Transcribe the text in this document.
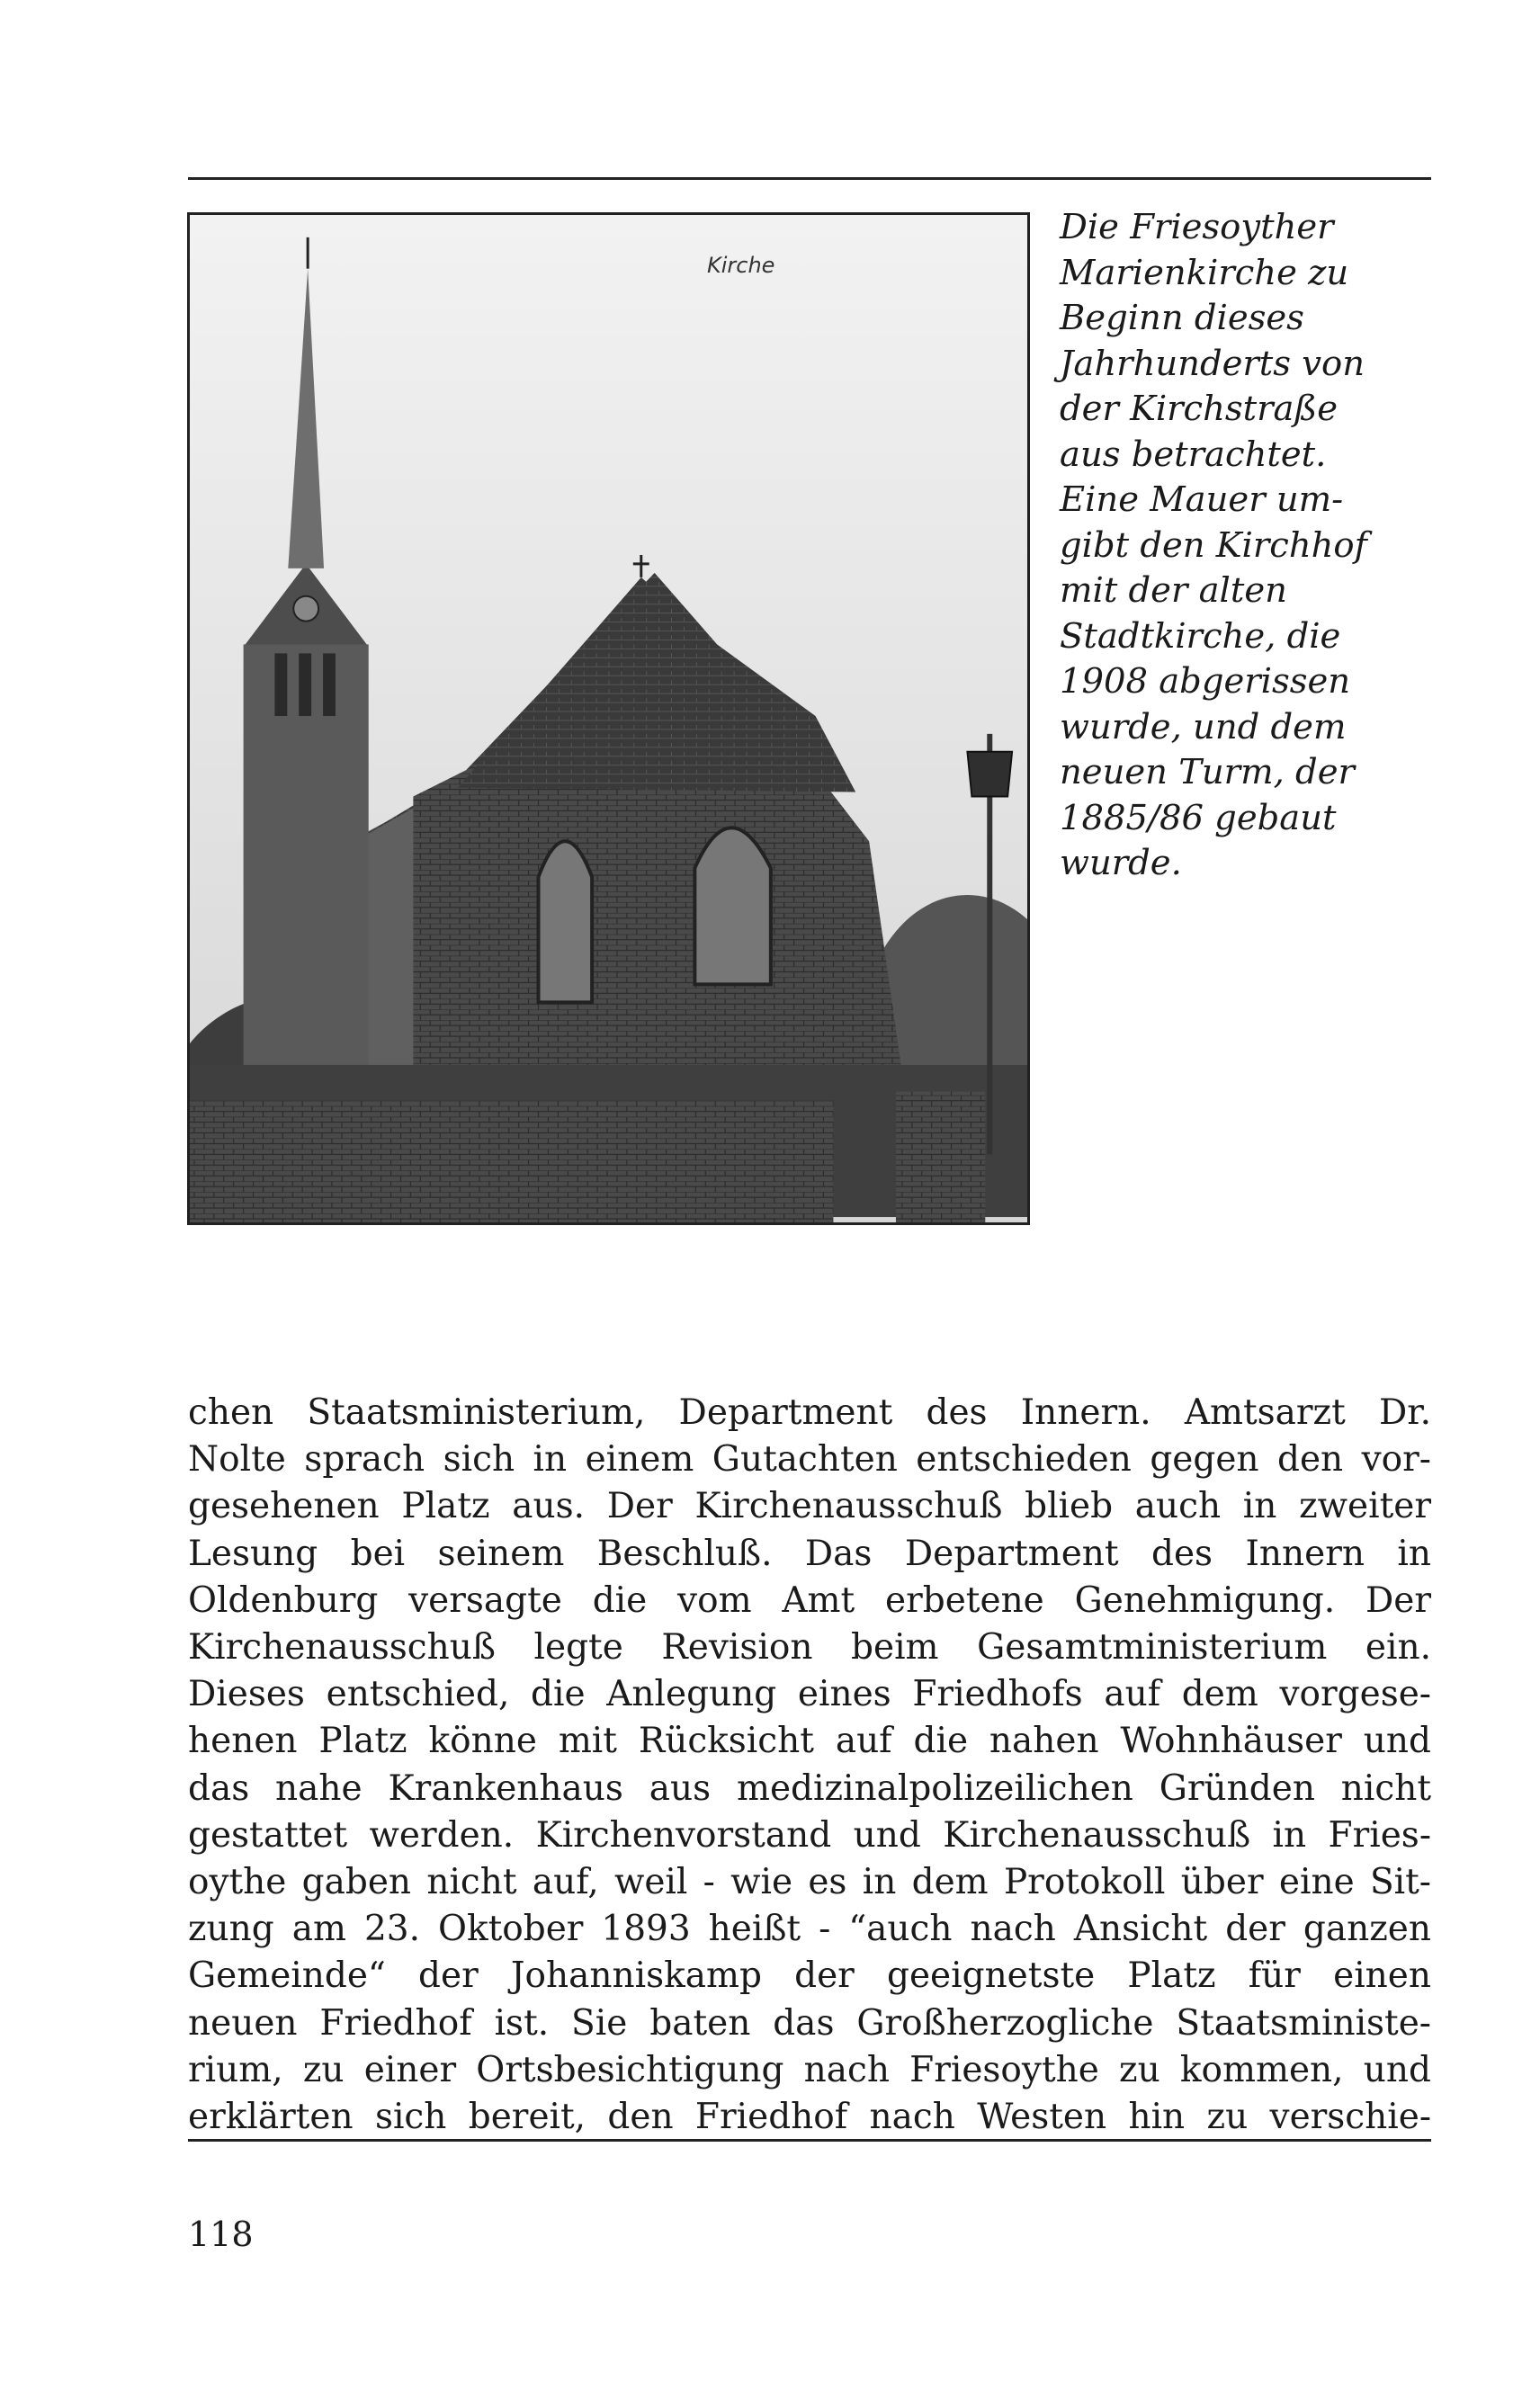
Kirche
Die Friesoyther
Marienkirche zu
Beginn dieses
Jahrhunderts von
der Kirchstraße
aus betrachtet.
Eine Mauer um-
gibt den Kirchhof
mit der alten
Stadtkirche, die
1908 abgerissen
wurde, und dem
neuen Turm, der
1885/86 gebaut
wurde.
chen Staatsministerium, Department des Innern. Amtsarzt Dr.
Nolte sprach sich in einem Gutachten entschieden gegen den vor-
gesehenen Platz aus. Der Kirchenausschuß blieb auch in zweiter
Lesung bei seinem Beschluß. Das Department des Innern in
Oldenburg versagte die vom Amt erbetene Genehmigung. Der
Kirchenausschuß legte Revision beim Gesamtministerium ein.
Dieses entschied, die Anlegung eines Friedhofs auf dem vorgese-
henen Platz könne mit Rücksicht auf die nahen Wohnhäuser und
das nahe Krankenhaus aus medizinalpolizeilichen Gründen nicht
gestattet werden. Kirchenvorstand und Kirchenausschuß in Fries-
oythe gaben nicht auf, weil - wie es in dem Protokoll über eine Sit-
zung am 23. Oktober 1893 heißt - “auch nach Ansicht der ganzen
Gemeinde“ der Johanniskamp der geeignetste Platz für einen
neuen Friedhof ist. Sie baten das Großherzogliche Staatsministe-
rium, zu einer Ortsbesichtigung nach Friesoythe zu kommen, und
erklärten sich bereit, den Friedhof nach Westen hin zu verschie-
118
